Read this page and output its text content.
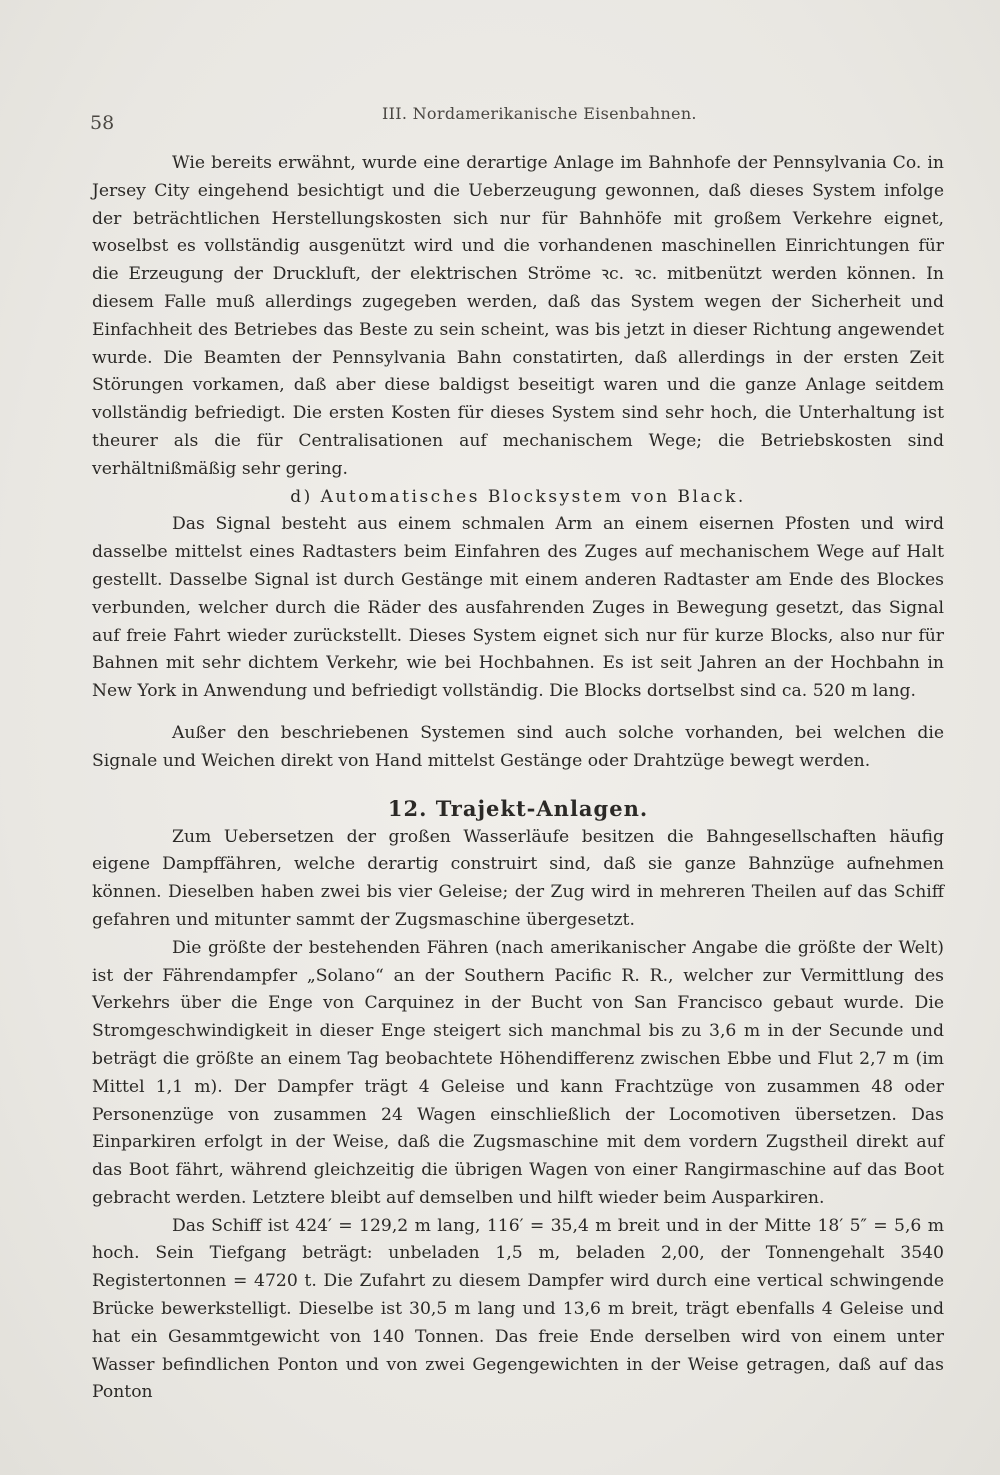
58	III. Nordamerikanische Eisenbahnen.

Wie bereits erwähnt, wurde eine derartige Anlage im Bahnhofe der Pennsylvania Co. in Jersey City eingehend besichtigt und die Ueberzeugung gewonnen, daß dieses System infolge der beträchtlichen Herstellungskosten sich nur für Bahnhöfe mit großem Verkehre eignet, woselbst es vollständig ausgenützt wird und die vorhandenen maschinellen Einrichtungen für die Erzeugung der Druckluft, der elektrischen Ströme ꝛc. ꝛc. mitbenützt werden können. In diesem Falle muß allerdings zugegeben werden, daß das System wegen der Sicherheit und Einfachheit des Betriebes das Beste zu sein scheint, was bis jetzt in dieser Richtung angewendet wurde. Die Beamten der Pennsylvania Bahn constatirten, daß allerdings in der ersten Zeit Störungen vorkamen, daß aber diese baldigst beseitigt waren und die ganze Anlage seitdem vollständig befriedigt. Die ersten Kosten für dieses System sind sehr hoch, die Unterhaltung ist theurer als die für Centralisationen auf mechanischem Wege; die Betriebskosten sind verhältnißmäßig sehr gering.

d) Automatisches Blocksystem von Black.

Das Signal besteht aus einem schmalen Arm an einem eisernen Pfosten und wird dasselbe mittelst eines Radtasters beim Einfahren des Zuges auf mechanischem Wege auf Halt gestellt. Dasselbe Signal ist durch Gestänge mit einem anderen Radtaster am Ende des Blockes verbunden, welcher durch die Räder des ausfahrenden Zuges in Bewegung gesetzt, das Signal auf freie Fahrt wieder zurückstellt. Dieses System eignet sich nur für kurze Blocks, also nur für Bahnen mit sehr dichtem Verkehr, wie bei Hochbahnen. Es ist seit Jahren an der Hochbahn in New York in Anwendung und befriedigt vollständig. Die Blocks dortselbst sind ca. 520 m lang.

Außer den beschriebenen Systemen sind auch solche vorhanden, bei welchen die Signale und Weichen direkt von Hand mittelst Gestänge oder Drahtzüge bewegt werden.

12. Trajekt-Anlagen.

Zum Uebersetzen der großen Wasserläufe besitzen die Bahngesellschaften häufig eigene Dampffähren, welche derartig construirt sind, daß sie ganze Bahnzüge aufnehmen können. Dieselben haben zwei bis vier Geleise; der Zug wird in mehreren Theilen auf das Schiff gefahren und mitunter sammt der Zugsmaschine übergesetzt.

Die größte der bestehenden Fähren (nach amerikanischer Angabe die größte der Welt) ist der Fährendampfer „Solano“ an der Southern Pacific R. R., welcher zur Vermittlung des Verkehrs über die Enge von Carquinez in der Bucht von San Francisco gebaut wurde. Die Stromgeschwindigkeit in dieser Enge steigert sich manchmal bis zu 3,6 m in der Secunde und beträgt die größte an einem Tag beobachtete Höhendifferenz zwischen Ebbe und Flut 2,7 m (im Mittel 1,1 m). Der Dampfer trägt 4 Geleise und kann Frachtzüge von zusammen 48 oder Personenzüge von zusammen 24 Wagen einschließlich der Locomotiven übersetzen. Das Einparkiren erfolgt in der Weise, daß die Zugsmaschine mit dem vordern Zugstheil direkt auf das Boot fährt, während gleichzeitig die übrigen Wagen von einer Rangirmaschine auf das Boot gebracht werden. Letztere bleibt auf demselben und hilft wieder beim Ausparkiren.

Das Schiff ist 424′ = 129,2 m lang, 116′ = 35,4 m breit und in der Mitte 18′ 5″ = 5,6 m hoch. Sein Tiefgang beträgt: unbeladen 1,5 m, beladen 2,00, der Tonnengehalt 3540 Registertonnen = 4720 t. Die Zufahrt zu diesem Dampfer wird durch eine vertical schwingende Brücke bewerkstelligt. Dieselbe ist 30,5 m lang und 13,6 m breit, trägt ebenfalls 4 Geleise und hat ein Gesammtgewicht von 140 Tonnen. Das freie Ende derselben wird von einem unter Wasser befindlichen Ponton und von zwei Gegengewichten in der Weise getragen, daß auf das Ponton
